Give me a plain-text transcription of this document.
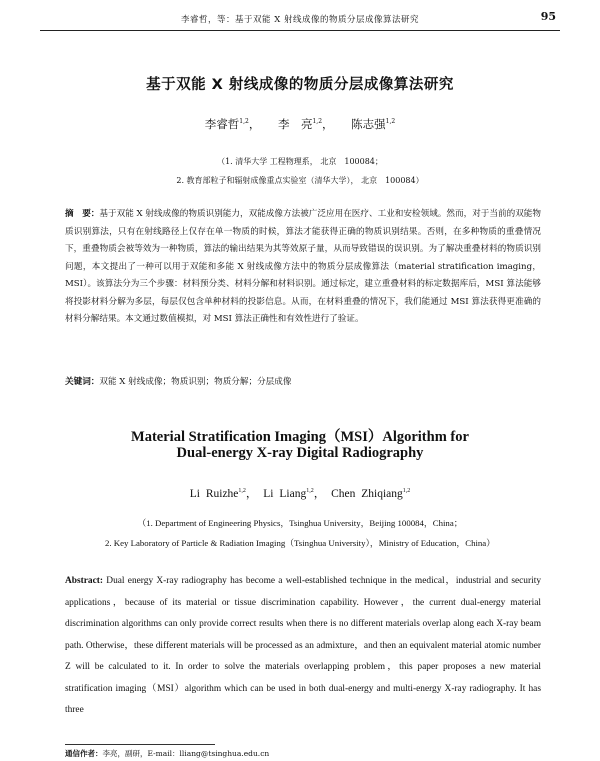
李睿哲，等：基于双能 X 射线成像的物质分层成像算法研究	95
基于双能 X 射线成像的物质分层成像算法研究
李睿哲$^{1,2}$， 李　亮$^{1,2}$， 陈志强$^{1,2}$
（1. 清华大学 工程物理系， 北京　100084；
2. 教育部粒子和辐射成像重点实验室（清华大学）， 北京　100084）
摘　要：基于双能 X 射线成像的物质识别能力，双能成像方法被广泛应用在医疗、工业和安检领域。然而，对于当前的双能物质识别算法，只有在射线路径上仅存在单一物质的时候，算法才能获得正确的物质识别结果。否则，在多种物质的重叠情况下，重叠物质会被等效为一种物质，算法的输出结果为其等效原子量，从而导致错误的误识别。为了解决重叠材料的物质识别问题，本文提出了一种可以用于双能和多能 X 射线成像方法中的物质分层成像算法（material stratification imaging，MSI）。该算法分为三个步骤：材料预分类、材料分解和材料识别。通过标定，建立重叠材料的标定数据库后，MSI 算法能够将投影材料分解为多层，每层仅包含单种材料的投影信息。从而，在材料重叠的情况下，我们能通过 MSI 算法获得更准确的材料分解结果。本文通过数值模拟，对 MSI 算法正确性和有效性进行了验证。
关键词：双能 X 射线成像；物质识别；物质分解；分层成像
Material Stratification Imaging（MSI）Algorithm for
Dual-energy X-ray Digital Radiography
Li Ruizhe$^{1,2}$， Li Liang$^{1,2}$， Chen Zhiqiang$^{1,2}$
（1. Department of Engineering Physics，Tsinghua University，Beijing 100084，China；
2. Key Laboratory of Particle & Radiation Imaging（Tsinghua University），Ministry of Education，China）
Abstract: Dual energy X-ray radiography has become a well-established technique in the medical，industrial and security applications，because of its material or tissue discrimination capability. However，the current dual-energy material discrimination algorithms can only provide correct results when there is no different materials overlap along each X-ray beam path. Otherwise，these different materials will be processed as an admixture，and then an equivalent material atomic number Z will be calculated to it. In order to solve the materials overlapping problem，this paper proposes a new material stratification imaging（MSI）algorithm which can be used in both dual-energy and multi-energy X-ray radiography. It has three
通信作者：李亮，副研，E-mail：lliang@tsinghua.edu.cn
